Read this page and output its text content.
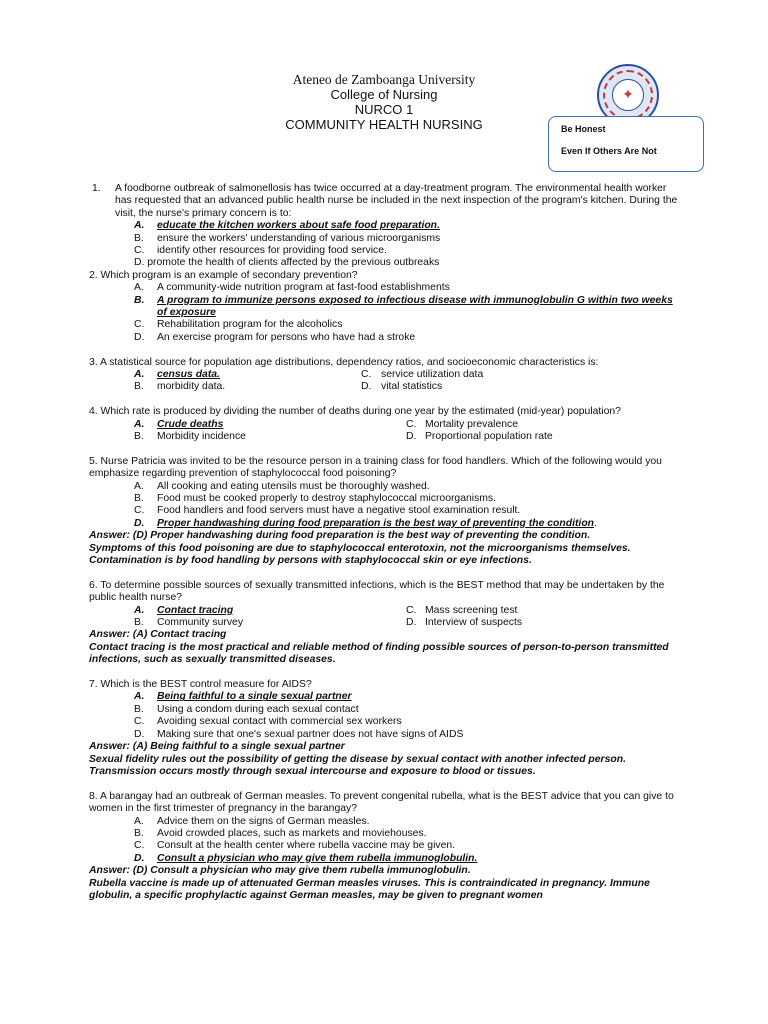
Ateneo de Zamboanga University
College of Nursing
NURCO 1
COMMUNITY HEALTH NURSING
✦
Be Honest
Even If Others Are Not
1. A foodborne outbreak of salmonellosis has twice occurred at a day-treatment program. The environmental health worker has requested that an advanced public health nurse be included in the next inspection of the program's kitchen. During the visit, the nurse's primary concern is to:
A. educate the kitchen workers about safe food preparation.
B. ensure the workers' understanding of various microorganisms
C. identify other resources for providing food service.
D. promote the health of clients affected by the previous outbreaks
2. Which program is an example of secondary prevention?
A. A community-wide nutrition program at fast-food establishments
B. A program to immunize persons exposed to infectious disease with immunoglobulin G within two weeks of exposure
C. Rehabilitation program for the alcoholics
D. An exercise program for persons who have had a stroke
3. A statistical source for population age distributions, dependency ratios, and socioeconomic characteristics is:
A. census data.	C. service utilization data
B. morbidity data.	D. vital statistics
4. Which rate is produced by dividing the number of deaths during one year by the estimated (mid-year) population?
A. Crude deaths	C. Mortality prevalence
B. Morbidity incidence	D. Proportional population rate
5. Nurse Patricia was invited to be the resource person in a training class for food handlers. Which of the following would you emphasize regarding prevention of staphylococcal food poisoning?
A. All cooking and eating utensils must be thoroughly washed.
B. Food must be cooked properly to destroy staphylococcal microorganisms.
C. Food handlers and food servers must have a negative stool examination result.
D. Proper handwashing during food preparation is the best way of preventing the condition.
Answer: (D) Proper handwashing during food preparation is the best way of preventing the condition.
Symptoms of this food poisoning are due to staphylococcal enterotoxin, not the microorganisms themselves. Contamination is by food handling by persons with staphylococcal skin or eye infections.
6. To determine possible sources of sexually transmitted infections, which is the BEST method that may be undertaken by the public health nurse?
A. Contact tracing	C. Mass screening test
B. Community survey	D. Interview of suspects
Answer: (A) Contact tracing
Contact tracing is the most practical and reliable method of finding possible sources of person-to-person transmitted infections, such as sexually transmitted diseases.
7. Which is the BEST control measure for AIDS?
A. Being faithful to a single sexual partner
B. Using a condom during each sexual contact
C. Avoiding sexual contact with commercial sex workers
D. Making sure that one's sexual partner does not have signs of AIDS
Answer: (A) Being faithful to a single sexual partner
Sexual fidelity rules out the possibility of getting the disease by sexual contact with another infected person. Transmission occurs mostly through sexual intercourse and exposure to blood or tissues.
8. A barangay had an outbreak of German measles. To prevent congenital rubella, what is the BEST advice that you can give to women in the first trimester of pregnancy in the barangay?
A. Advice them on the signs of German measles.
B. Avoid crowded places, such as markets and moviehouses.
C. Consult at the health center where rubella vaccine may be given.
D. Consult a physician who may give them rubella immunoglobulin.
Answer: (D) Consult a physician who may give them rubella immunoglobulin.
Rubella vaccine is made up of attenuated German measles viruses. This is contraindicated in pregnancy. Immune globulin, a specific prophylactic against German measles, may be given to pregnant women
